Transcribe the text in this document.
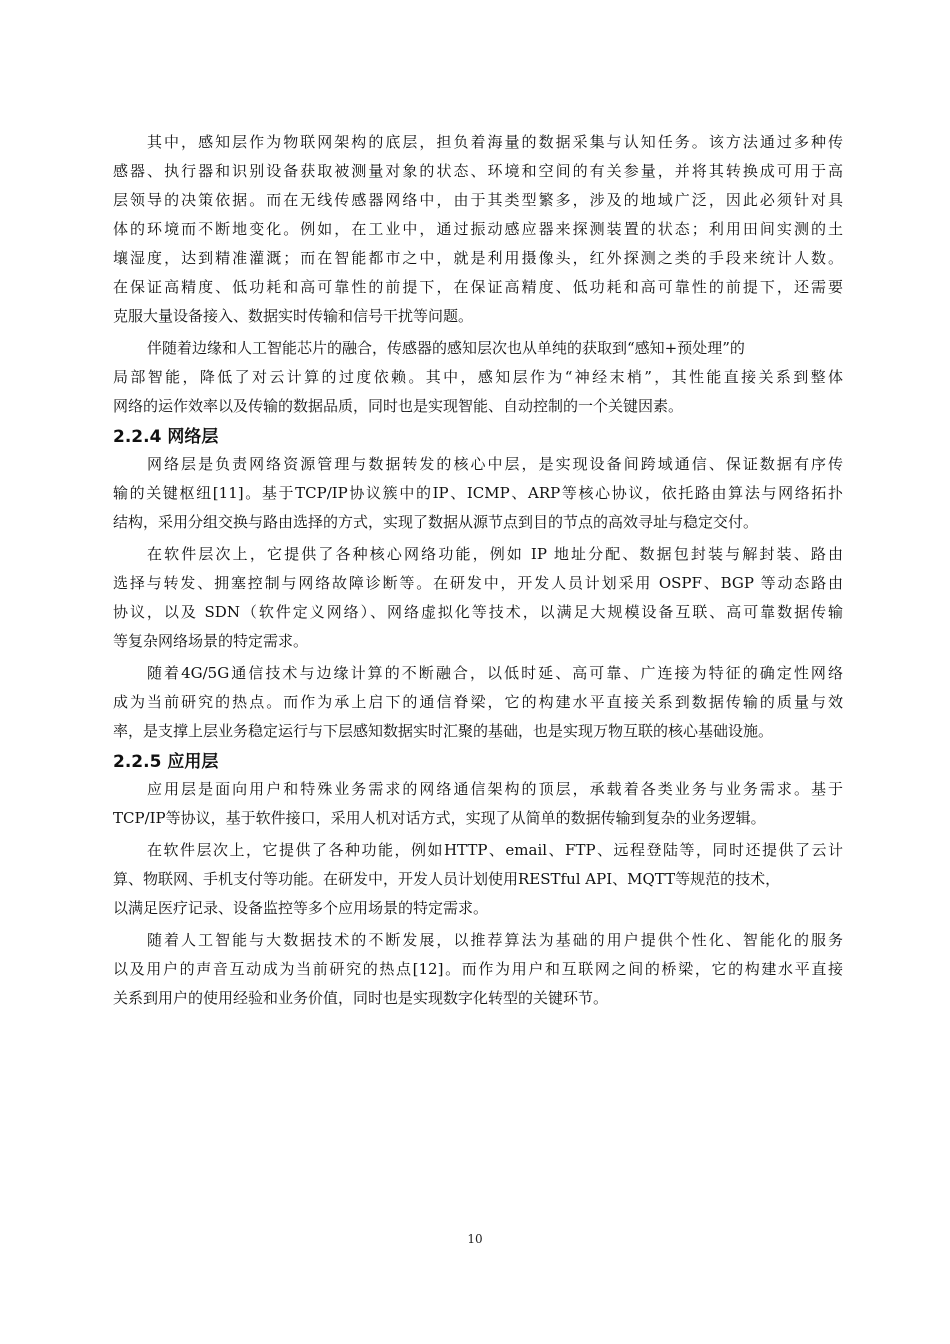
其中，感知层作为物联网架构的底层，担负着海量的数据采集与认知任务。该方法通过多种传
感器、执行器和识别设备获取被测量对象的状态、环境和空间的有关参量，并将其转换成可用于高
层领导的决策依据。而在无线传感器网络中，由于其类型繁多，涉及的地域广泛，因此必须针对具
体的环境而不断地变化。例如，在工业中，通过振动感应器来探测装置的状态；利用田间实测的土
壤湿度，达到精准灌溉；而在智能都市之中，就是利用摄像头，红外探测之类的手段来统计人数。
在保证高精度、低功耗和高可靠性的前提下，在保证高精度、低功耗和高可靠性的前提下，还需要
克服大量设备接入、数据实时传输和信号干扰等问题。
伴随着边缘和人工智能芯片的融合，传感器的感知层次也从单纯的获取到“感知+预处理”的
局部智能，降低了对云计算的过度依赖。其中，感知层作为“神经末梢”，其性能直接关系到整体
网络的运作效率以及传输的数据品质，同时也是实现智能、自动控制的一个关键因素。
2.2.4 网络层
网络层是负责网络资源管理与数据转发的核心中层，是实现设备间跨域通信、保证数据有序传
输的关键枢纽[11]。基于TCP/IP协议簇中的IP、ICMP、ARP等核心协议，依托路由算法与网络拓扑
结构，采用分组交换与路由选择的方式，实现了数据从源节点到目的节点的高效寻址与稳定交付。
在软件层次上，它提供了各种核心网络功能，例如 IP 地址分配、数据包封装与解封装、路由
选择与转发、拥塞控制与网络故障诊断等。在研发中，开发人员计划采用 OSPF、BGP 等动态路由
协议，以及 SDN（软件定义网络）、网络虚拟化等技术，以满足大规模设备互联、高可靠数据传输
等复杂网络场景的特定需求。
随着4G/5G通信技术与边缘计算的不断融合，以低时延、高可靠、广连接为特征的确定性网络
成为当前研究的热点。而作为承上启下的通信脊梁，它的构建水平直接关系到数据传输的质量与效
率，是支撑上层业务稳定运行与下层感知数据实时汇聚的基础，也是实现万物互联的核心基础设施。
2.2.5 应用层
应用层是面向用户和特殊业务需求的网络通信架构的顶层，承载着各类业务与业务需求。基于
TCP/IP等协议，基于软件接口，采用人机对话方式，实现了从简单的数据传输到复杂的业务逻辑。
在软件层次上，它提供了各种功能，例如HTTP、email、FTP、远程登陆等，同时还提供了云计
算、物联网、手机支付等功能。在研发中，开发人员计划使用RESTful API、MQTT等规范的技术，
以满足医疗记录、设备监控等多个应用场景的特定需求。
随着人工智能与大数据技术的不断发展，以推荐算法为基础的用户提供个性化、智能化的服务
以及用户的声音互动成为当前研究的热点[12]。而作为用户和互联网之间的桥梁，它的构建水平直接
关系到用户的使用经验和业务价值，同时也是实现数字化转型的关键环节。
10
